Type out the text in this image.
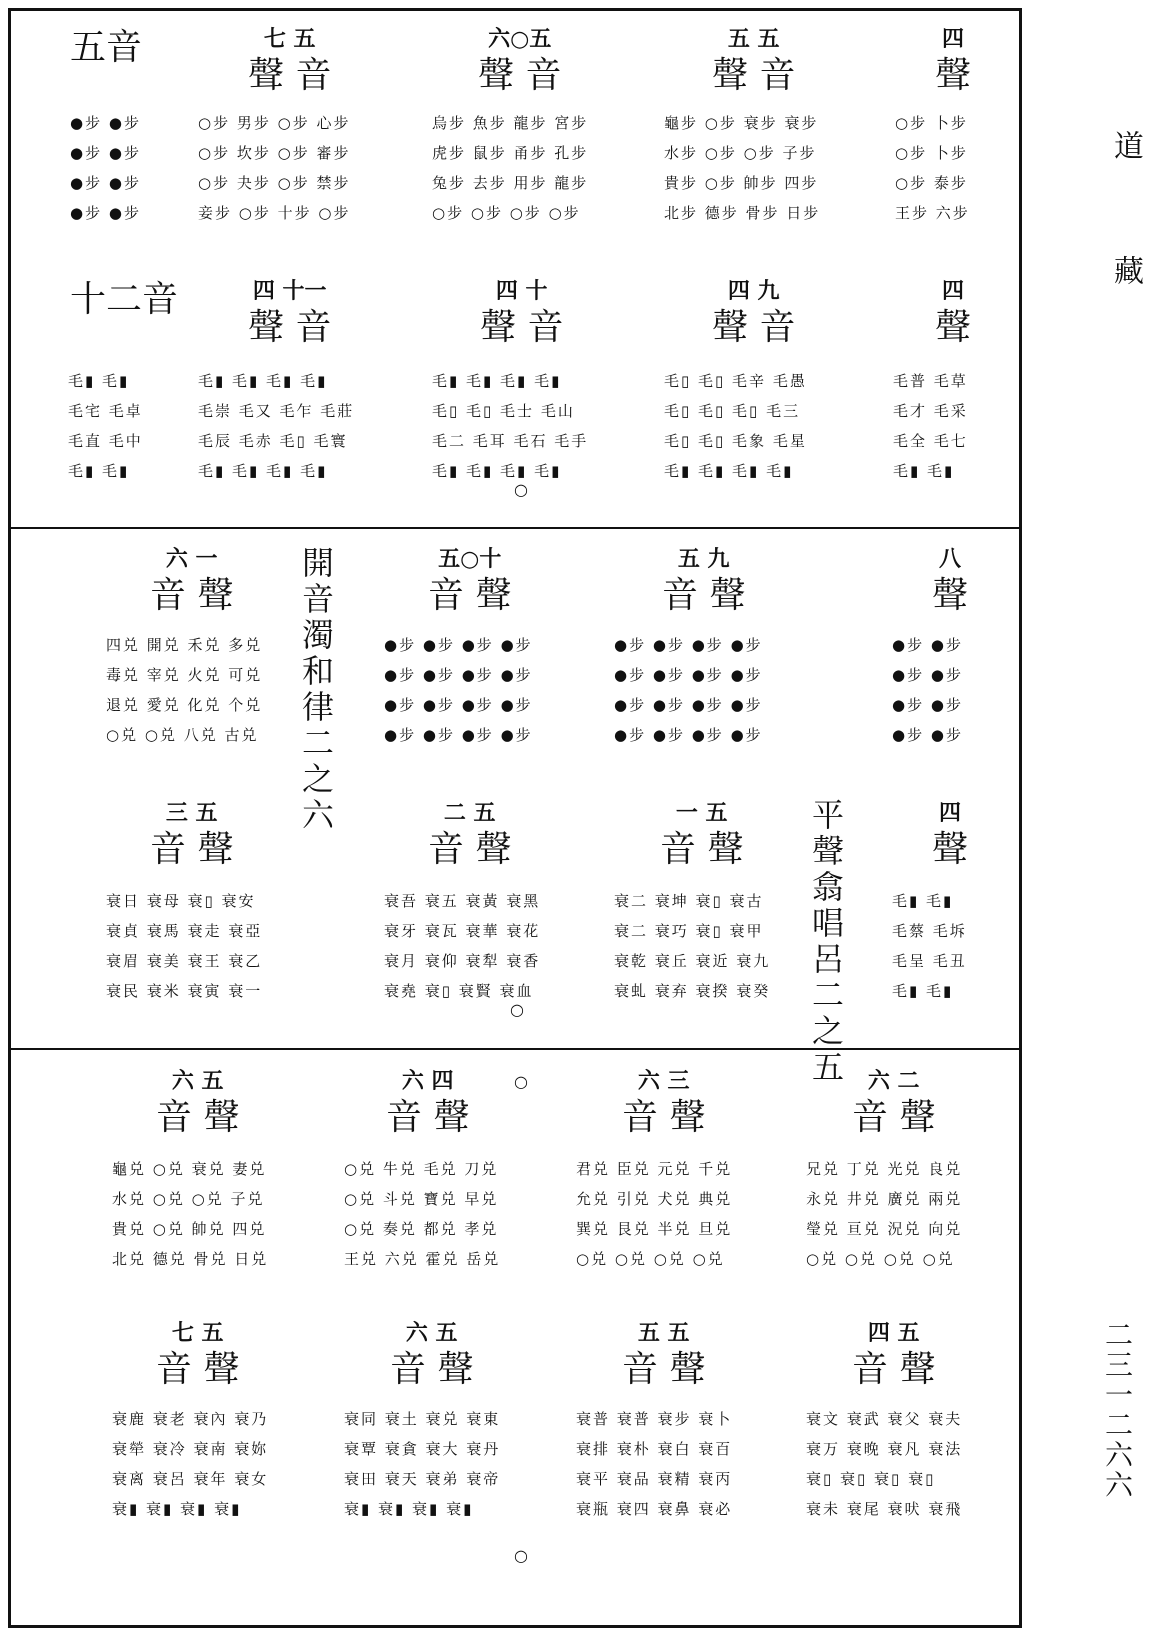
道
藏
二三一二六六
五音
●步 ●步
●步 ●步
●步 ●步
●步 ●步
七 五
聲 音
○步 男步 ○步 心步
○步 坎步 ○步 審步
○步 夬步 ○步 禁步
妾步 ○步 十步 ○步
六○五
聲 音
烏步 魚步 龍步 宮步
虎步 鼠步 甬步 孔步
兔步 去步 用步 龍步
○步 ○步 ○步 ○步
五 五
聲 音
龜步 ○步 衰步 衰步
水步 ○步 ○步 子步
貴步 ○步 帥步 四步
北步 德步 骨步 日步
四
聲
○步 卜步
○步 卜步
○步 泰步
王步 六步
十二音
毛▮ 毛▮
毛宅 毛卓
毛直 毛中
毛▮ 毛▮
四 十一
聲 音
毛▮ 毛▮ 毛▮ 毛▮
毛崇 毛又 毛乍 毛莊
毛辰 毛赤 毛▯ 毛寰
毛▮ 毛▮ 毛▮ 毛▮
四 十
聲 音
毛▮ 毛▮ 毛▮ 毛▮
毛▯ 毛▯ 毛士 毛山
毛二 毛耳 毛石 毛手
毛▮ 毛▮ 毛▮ 毛▮
四 九
聲 音
毛▯ 毛▯ 毛辛 毛愚
毛▯ 毛▯ 毛▯ 毛三
毛▯ 毛▯ 毛象 毛星
毛▮ 毛▮ 毛▮ 毛▮
四
聲
毛普 毛草
毛才 毛采
毛全 毛七
毛▮ 毛▮
○
六 一
音 聲
四兑 開兑 禾兑 多兑
毒兑 宰兑 火兑 可兑
退兑 愛兑 化兑 个兑
○兑 ○兑 八兑 古兑 開音濁和律二之六	五○十
音 聲
●步 ●步 ●步 ●步
●步 ●步 ●步 ●步
●步 ●步 ●步 ●步
●步 ●步 ●步 ●步
五 九
音 聲
●步 ●步 ●步 ●步
●步 ●步 ●步 ●步
●步 ●步 ●步 ●步
●步 ●步 ●步 ●步
八
聲
●步 ●步
●步 ●步
●步 ●步
●步 ●步
三 五
音 聲
衰日 衰母 衰▯ 衰安
衰貞 衰馬 衰走 衰亞
衰眉 衰美 衰王 衰乙
衰民 衰米 衰寅 衰一
二 五
音 聲
衰吾 衰五 衰黃 衰黑
衰牙 衰瓦 衰華 衰花
衰月 衰仰 衰犁 衰香
衰堯 衰▯ 衰賢 衰血
一 五
音 聲
衰二 衰坤 衰▯ 衰古
衰二 衰巧 衰▯ 衰甲
衰乾 衰丘 衰近 衰九
衰虬 衰弃 衰揆 衰癸 平聲翕唱呂二之五	四
聲
毛▮ 毛▮
毛蔡 毛坼
毛呈 毛丑
毛▮ 毛▮
○
六 五
音 聲
龜兑 ○兑 衰兑 妻兑
水兑 ○兑 ○兑 子兑
貴兑 ○兑 帥兑 四兑
北兑 德兑 骨兑 日兑
六 四
音 聲
○
○兑 牛兑 毛兑 刀兑
○兑 斗兑 寶兑 早兑
○兑 奏兑 都兑 孝兑
王兑 六兑 霍兑 岳兑
六 三
音 聲
君兑 臣兑 元兑 千兑
允兑 引兑 犬兑 典兑
巽兑 艮兑 半兑 旦兑
○兑 ○兑 ○兑 ○兑
六 二
音 聲
兄兑 丁兑 光兑 良兑
永兑 井兑 廣兑 兩兑
瑩兑 亘兑 況兑 向兑
○兑 ○兑 ○兑 ○兑
七 五
音 聲
衰鹿 衰老 衰內 衰乃
衰犖 衰冷 衰南 衰妳
衰离 衰呂 衰年 衰女
衰▮ 衰▮ 衰▮ 衰▮
六 五
音 聲
衰同 衰土 衰兑 衰東
衰覃 衰貪 衰大 衰丹
衰田 衰天 衰弟 衰帝
衰▮ 衰▮ 衰▮ 衰▮
五 五
音 聲
衰普 衰普 衰步 衰卜
衰排 衰朴 衰白 衰百
衰平 衰品 衰精 衰丙
衰瓶 衰四 衰鼻 衰必
四 五
音 聲
衰文 衰武 衰父 衰夫
衰万 衰晚 衰凡 衰法
衰▯ 衰▯ 衰▯ 衰▯
衰未 衰尾 衰吠 衰飛
○
